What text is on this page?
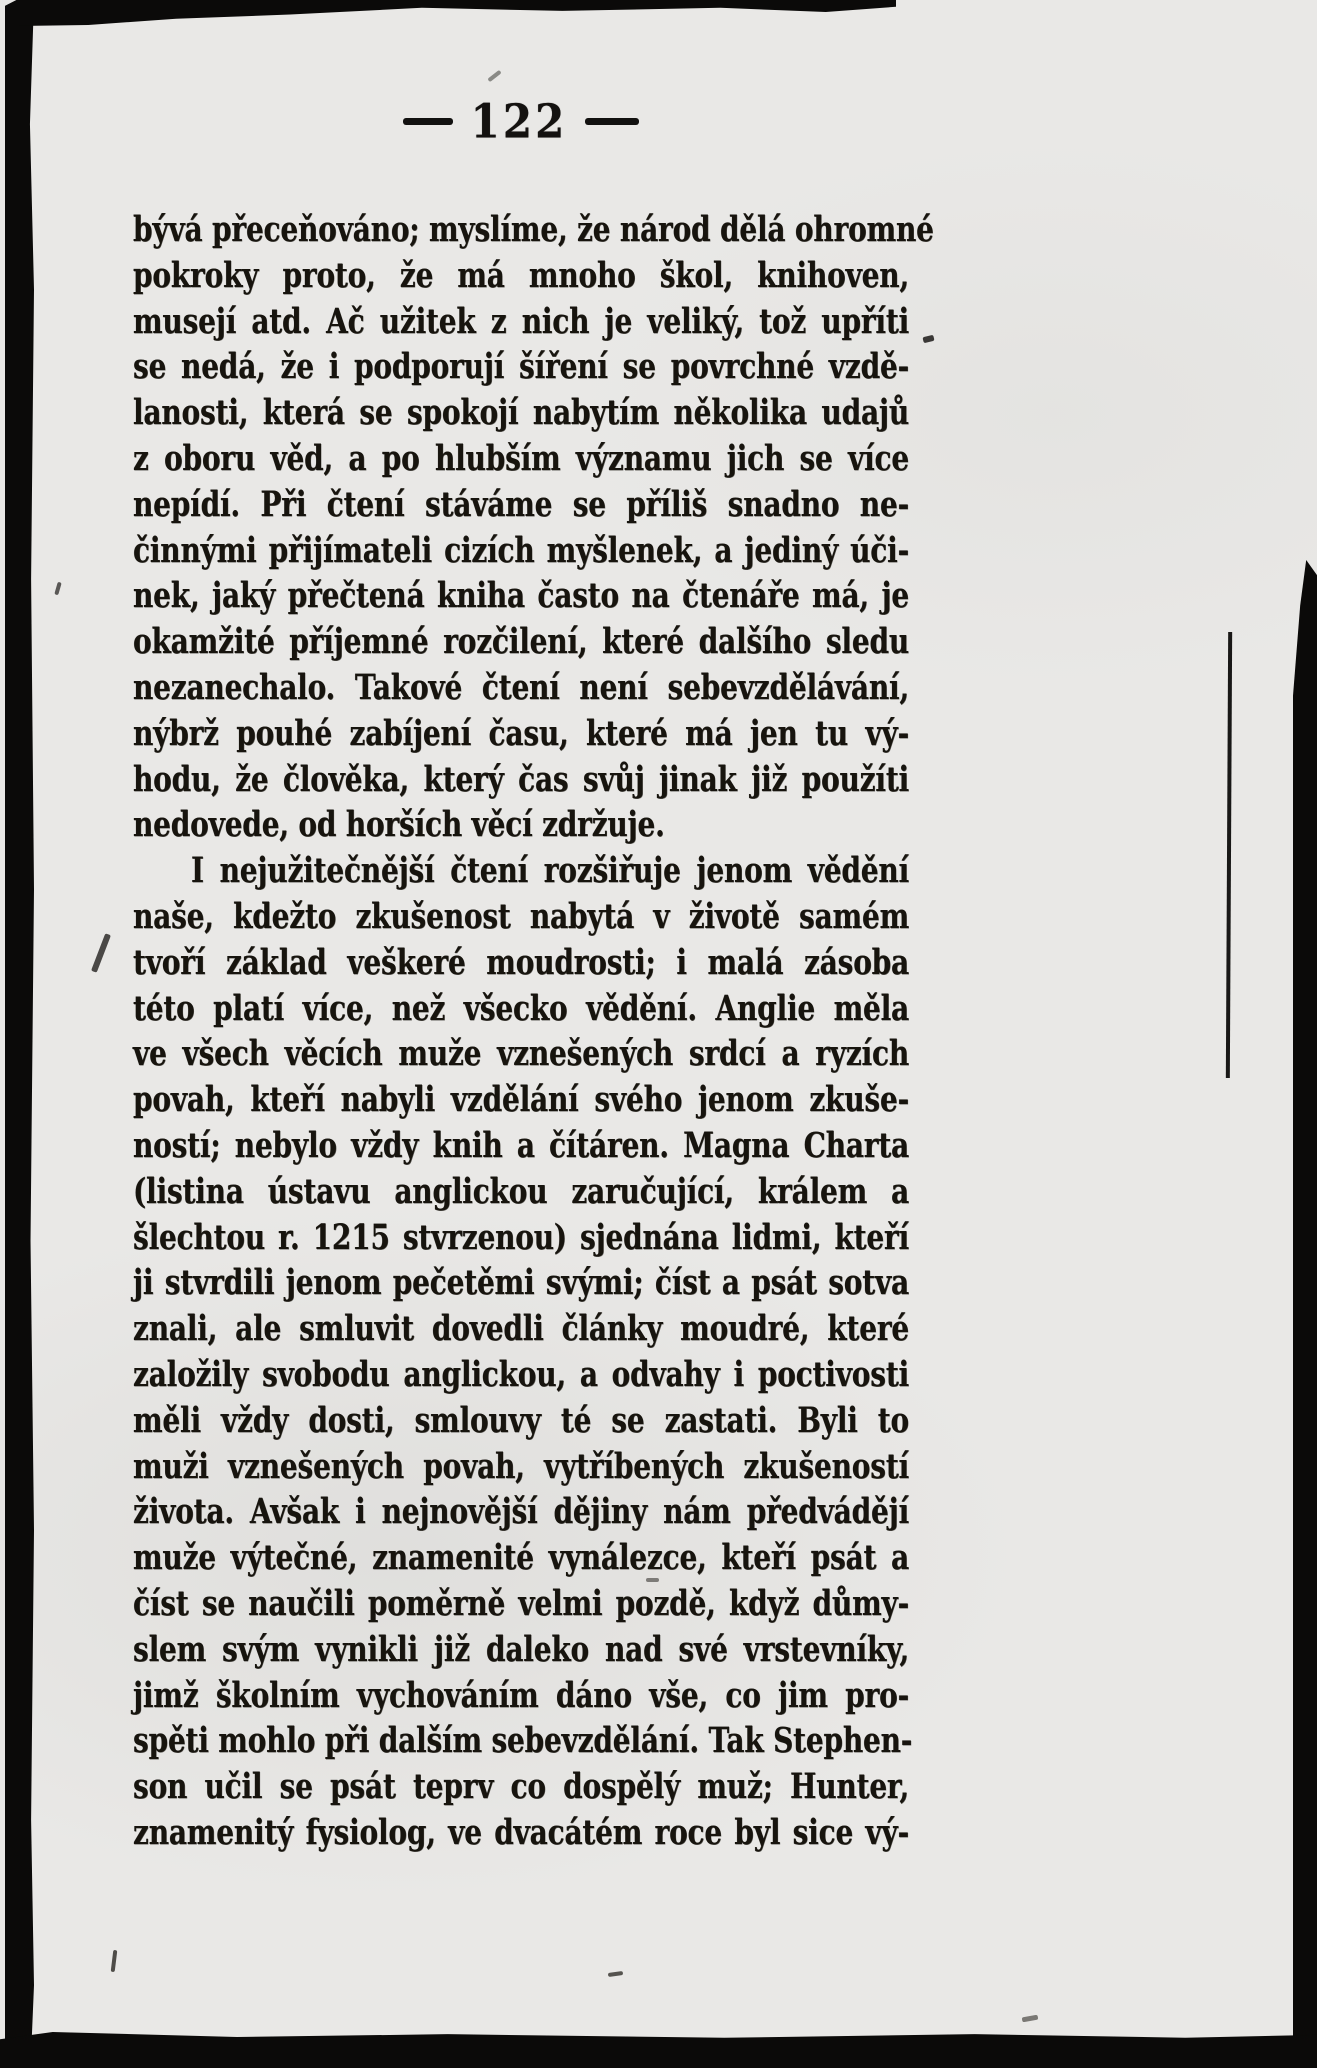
122
bývá přeceňováno; myslíme, že národ dělá ohromné
pokroky proto, že má mnoho škol, knihoven,
musejí atd. Ač užitek z nich je veliký, tož upříti
se nedá, že i podporují šíření se povrchné vzdě-
lanosti, která se spokojí nabytím několika udajů
z oboru věd, a po hlubším významu jich se více
nepídí. Při čtení stáváme se příliš snadno ne-
činnými přijímateli cizích myšlenek, a jediný úči-
nek, jaký přečtená kniha často na čtenáře má, je
okamžité příjemné rozčilení, které dalšího sledu
nezanechalo. Takové čtení není sebevzdělávání,
nýbrž pouhé zabíjení času, které má jen tu vý-
hodu, že člověka, který čas svůj jinak již použíti
nedovede, od horších věcí zdržuje.
I nejužitečnější čtení rozšiřuje jenom vědění
naše, kdežto zkušenost nabytá v životě samém
tvoří základ veškeré moudrosti; i malá zásoba
této platí více, než všecko vědění. Anglie měla
ve všech věcích muže vznešených srdcí a ryzích
povah, kteří nabyli vzdělání svého jenom zkuše-
ností; nebylo vždy knih a čítáren. Magna Charta
(listina ústavu anglickou zaručující, králem a
šlechtou r. 1215 stvrzenou) sjednána lidmi, kteří
ji stvrdili jenom pečetěmi svými; číst a psát sotva
znali, ale smluvit dovedli články moudré, které
založily svobodu anglickou, a odvahy i poctivosti
měli vždy dosti, smlouvy té se zastati. Byli to
muži vznešených povah, vytříbených zkušeností
života. Avšak i nejnovější dějiny nám předvádějí
muže výtečné, znamenité vynálezce, kteří psát a
číst se naučili poměrně velmi pozdě, když důmy-
slem svým vynikli již daleko nad své vrstevníky,
jimž školním vychováním dáno vše, co jim pro-
spěti mohlo při dalším sebevzdělání. Tak Stephen-
son učil se psát teprv co dospělý muž; Hunter,
znamenitý fysiolog, ve dvacátém roce byl sice vý-
